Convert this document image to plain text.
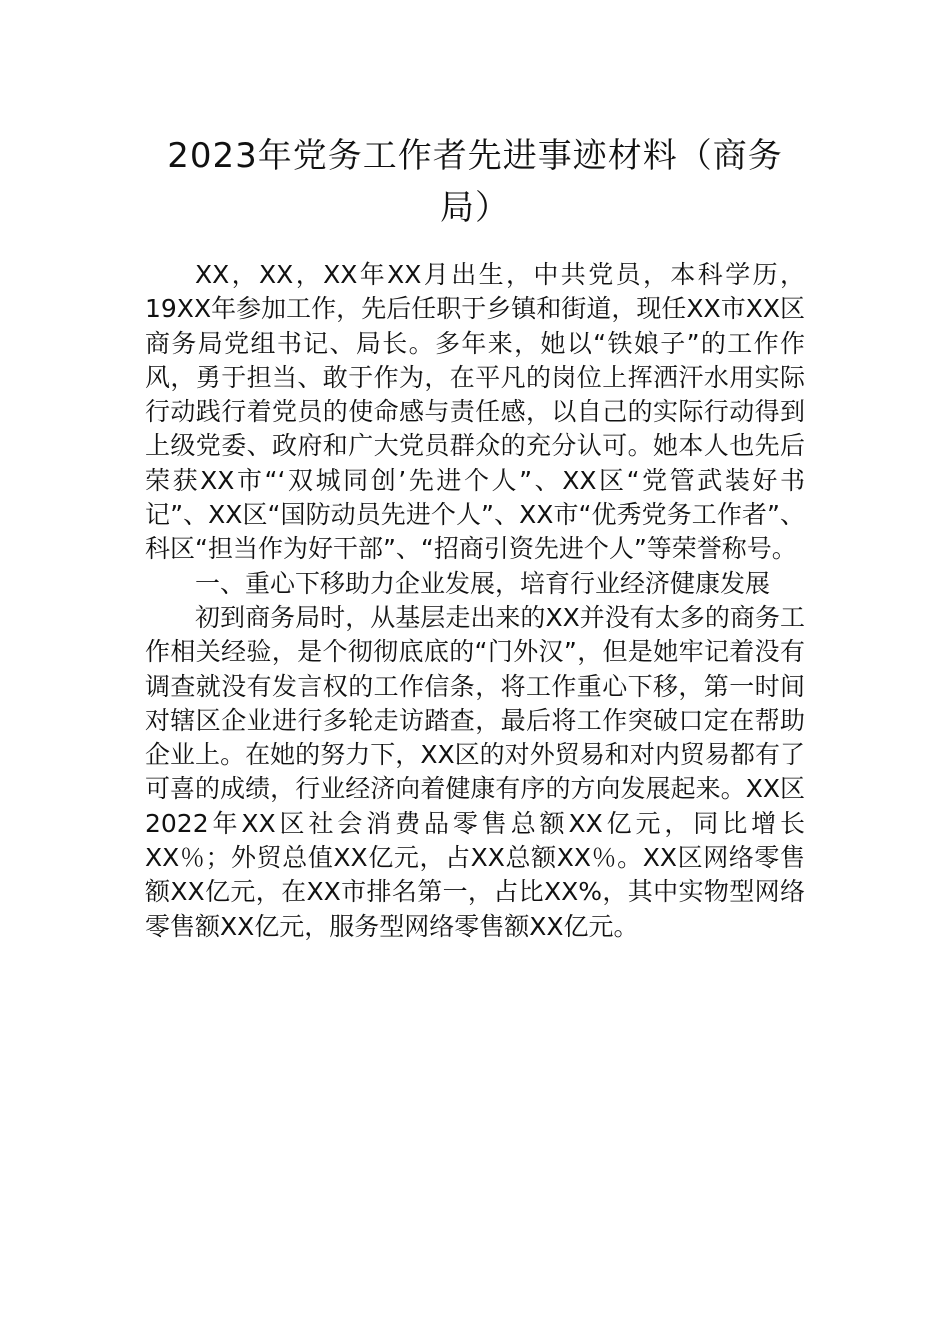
2023年党务工作者先进事迹材料（商务
局）

XX，XX，XX年XX月出生，中共党员，本科学历，19XX年参加工作，先后任职于乡镇和街道，现任XX市XX区商务局党组书记、局长。多年来，她以“铁娘子”的工作作风，勇于担当、敢于作为，在平凡的岗位上挥洒汗水用实际行动践行着党员的使命感与责任感，以自己的实际行动得到上级党委、政府和广大党员群众的充分认可。她本人也先后荣获XX市“‘双城同创’先进个人”、XX区“党管武装好书记”、XX区“国防动员先进个人”、XX市“优秀党务工作者”、科区“担当作为好干部”、“招商引资先进个人”等荣誉称号。

一、重心下移助力企业发展，培育行业经济健康发展

初到商务局时，从基层走出来的XX并没有太多的商务工作相关经验，是个彻彻底底的“门外汉”，但是她牢记着没有调查就没有发言权的工作信条，将工作重心下移，第一时间对辖区企业进行多轮走访踏查，最后将工作突破口定在帮助企业上。在她的努力下，XX区的对外贸易和对内贸易都有了可喜的成绩，行业经济向着健康有序的方向发展起来。XX区2022年XX区社会消费品零售总额XX亿元，同比增长XX％；外贸总值XX亿元，占XX总额XX％。XX区网络零售额XX亿元，在XX市排名第一，占比XX%，其中实物型网络零售额XX亿元，服务型网络零售额XX亿元。
